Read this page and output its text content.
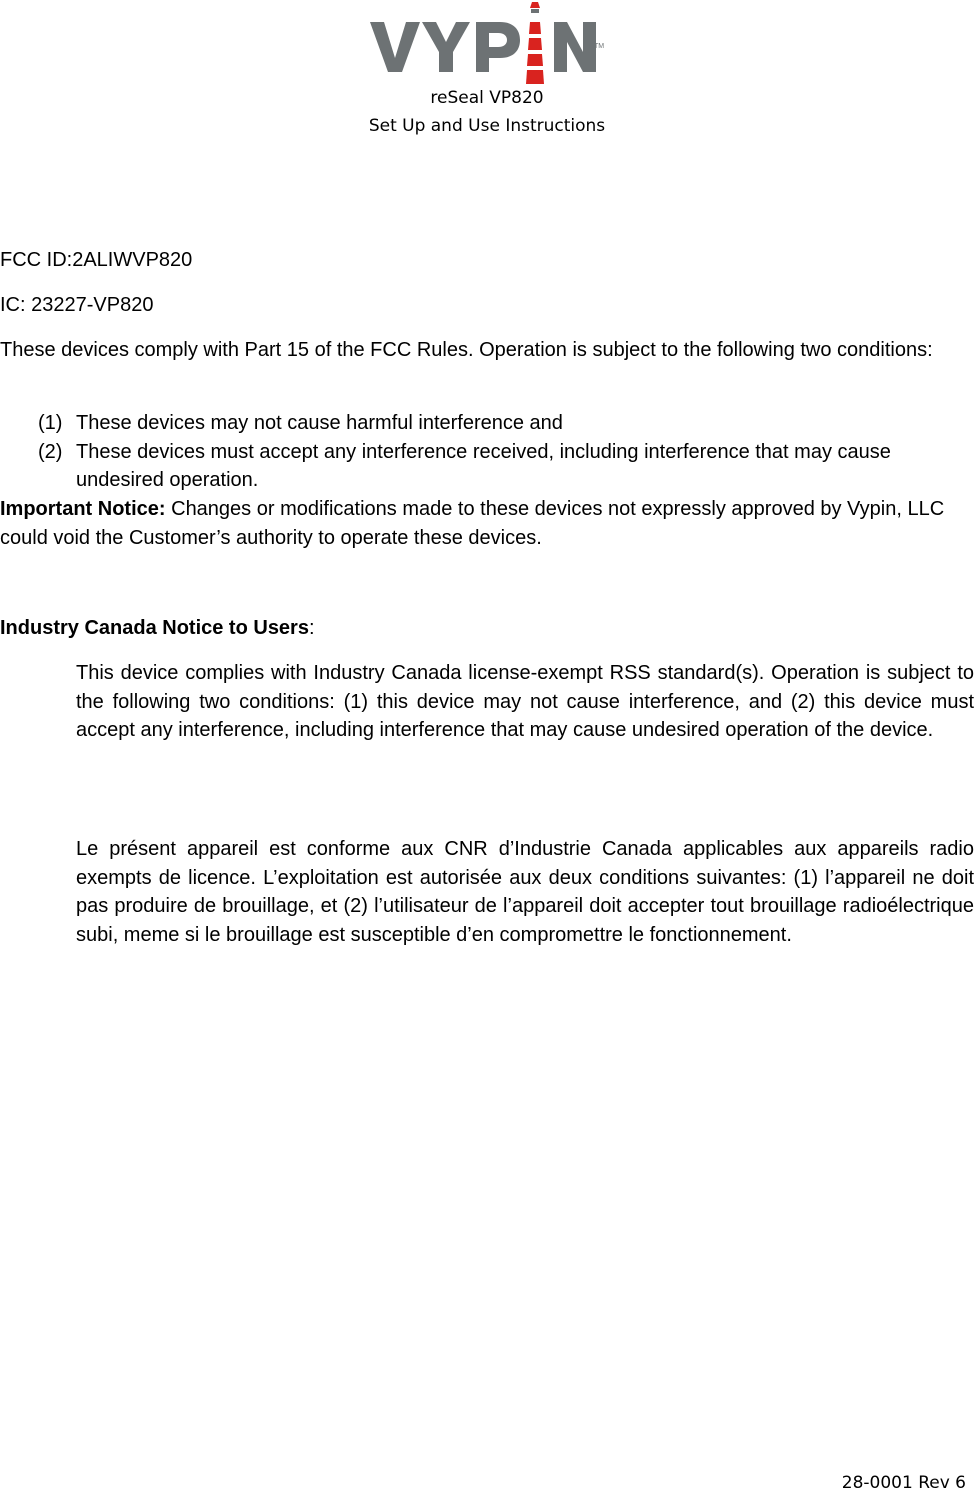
TM
reSeal VP820
Set Up and Use Instructions

FCC ID:2ALIWVP820

IC: 23227-VP820

These devices comply with Part 15 of the FCC Rules. Operation is subject to the following two conditions:

(1) These devices may not cause harmful interference and
(2) These devices must accept any interference received, including interference that may cause undesired operation.

Important Notice: Changes or modifications made to these devices not expressly approved by Vypin, LLC could void the Customer’s authority to operate these devices.

Industry Canada Notice to Users:

This device complies with Industry Canada license-exempt RSS standard(s). Operation is subject to the following two conditions: (1) this device may not cause interference, and (2) this device must accept any interference, including interference that may cause undesired operation of the device.

Le présent appareil est conforme aux CNR d’Industrie Canada applicables aux appareils radio exempts de licence. L’exploitation est autorisée aux deux conditions suivantes: (1) l’appareil ne doit pas produire de brouillage, et (2) l’utilisateur de l’appareil doit accepter tout brouillage radioélectrique subi, meme si le brouillage est susceptible d’en compromettre le fonctionnement.

28-0001 Rev 6
